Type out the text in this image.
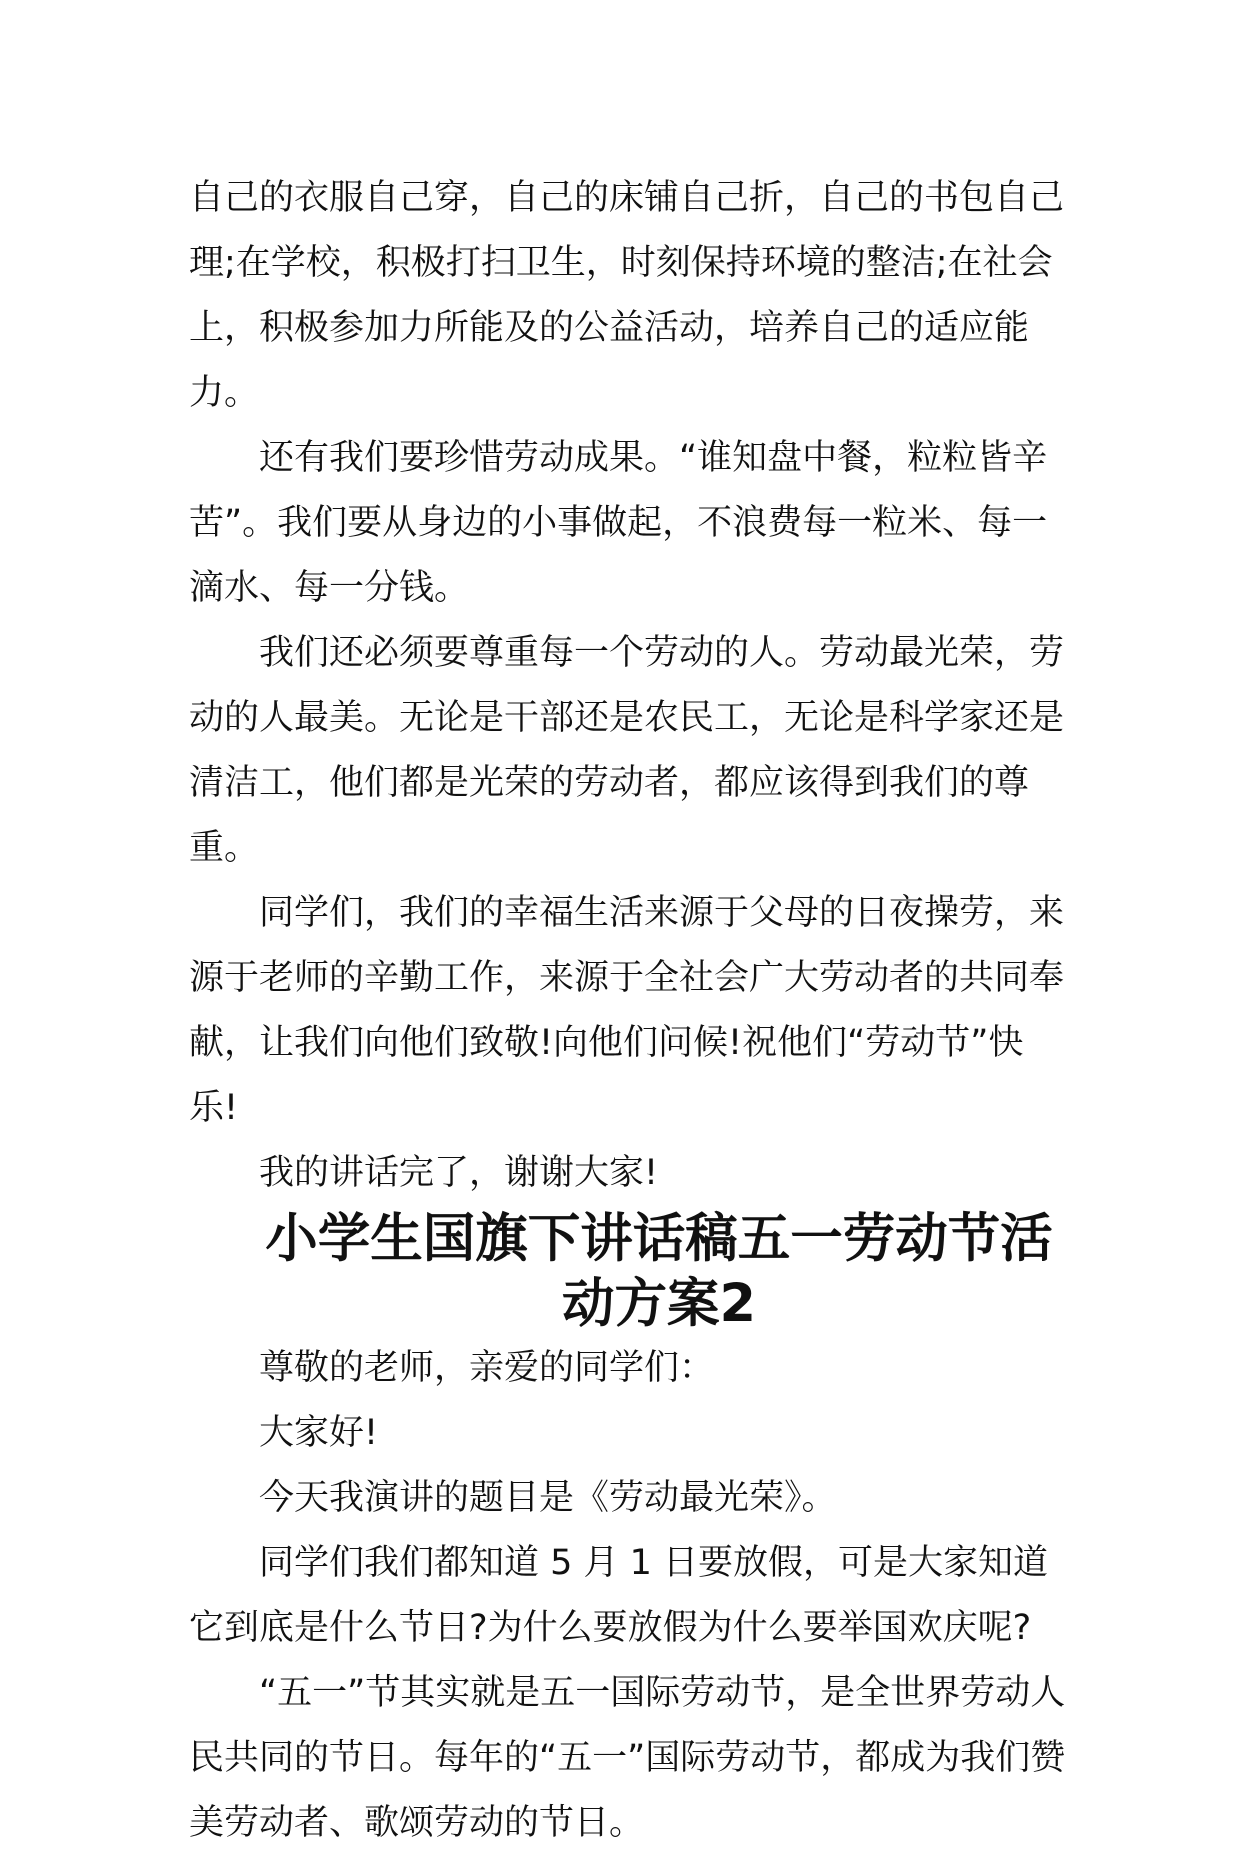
自己的衣服自己穿，自己的床铺自己折，自己的书包自己理;在学校，积极打扫卫生，时刻保持环境的整洁;在社会上，积极参加力所能及的公益活动，培养自己的适应能力。

　　还有我们要珍惜劳动成果。“谁知盘中餐，粒粒皆辛苦”。我们要从身边的小事做起，不浪费每一粒米、每一滴水、每一分钱。

　　我们还必须要尊重每一个劳动的人。劳动最光荣，劳动的人最美。无论是干部还是农民工，无论是科学家还是清洁工，他们都是光荣的劳动者，都应该得到我们的尊重。

　　同学们，我们的幸福生活来源于父母的日夜操劳，来源于老师的辛勤工作，来源于全社会广大劳动者的共同奉献，让我们向他们致敬!向他们问候!祝他们“劳动节”快乐!

　　我的讲话完了，谢谢大家!

小学生国旗下讲话稿五一劳动节活动方案2

　　尊敬的老师，亲爱的同学们：

　　大家好!

　　今天我演讲的题目是《劳动最光荣》。

　　同学们我们都知道 5 月 1 日要放假，可是大家知道它到底是什么节日?为什么要放假为什么要举国欢庆呢?

　　“五一”节其实就是五一国际劳动节，是全世界劳动人民共同的节日。每年的“五一”国际劳动节，都成为我们赞美劳动者、歌颂劳动的节日。
